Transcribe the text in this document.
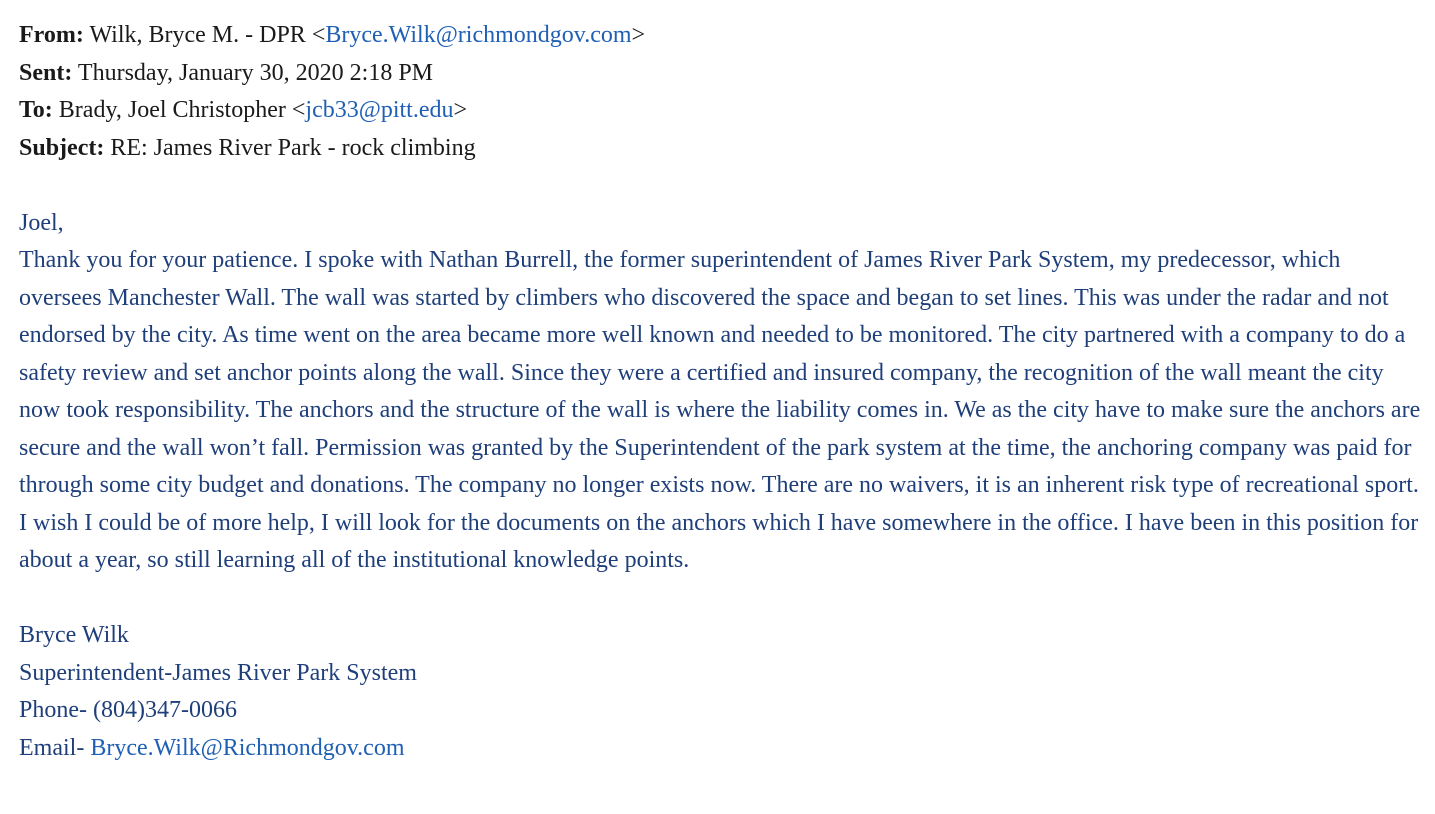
From: Wilk, Bryce M. - DPR <Bryce.Wilk@richmondgov.com>
Sent: Thursday, January 30, 2020 2:18 PM
To: Brady, Joel Christopher <jcb33@pitt.edu>
Subject: RE: James River Park - rock climbing
Joel,

Thank you for your patience. I spoke with Nathan Burrell, the former superintendent of James River Park System, my predecessor, which oversees Manchester Wall. The wall was started by climbers who discovered the space and began to set lines. This was under the radar and not endorsed by the city. As time went on the area became more well known and needed to be monitored. The city partnered with a company to do a safety review and set anchor points along the wall. Since they were a certified and insured company, the recognition of the wall meant the city now took responsibility. The anchors and the structure of the wall is where the liability comes in. We as the city have to make sure the anchors are secure and the wall won’t fall. Permission was granted by the Superintendent of the park system at the time, the anchoring company was paid for through some city budget and donations. The company no longer exists now. There are no waivers, it is an inherent risk type of recreational sport. I wish I could be of more help, I will look for the documents on the anchors which I have somewhere in the office. I have been in this position for about a year, so still learning all of the institutional knowledge points.

Bryce Wilk
Superintendent-James River Park System
Phone- (804)347-0066
Email- Bryce.Wilk@Richmondgov.com
